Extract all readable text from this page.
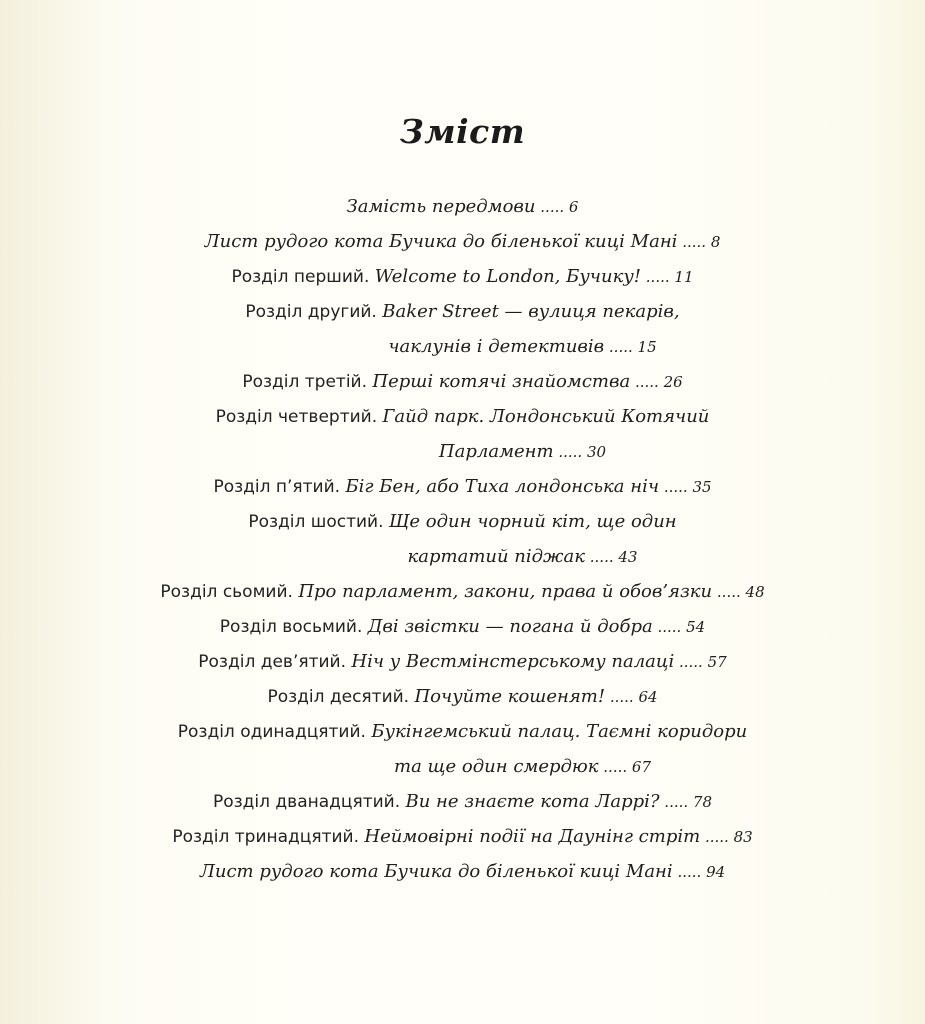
Зміст
Замість передмови ..... 6
Лист рудого кота Бучика до біленької киці Мані ..... 8
Розділ перший. Welcome to London, Бучику! ..... 11
Розділ другий. Baker Street — вулиця пекарів,
чаклунів і детективів ..... 15
Розділ третій. Перші котячі знайомства ..... 26
Розділ четвертий. Гайд парк. Лондонський Котячий
Парламент ..... 30
Розділ п’ятий. Біг Бен, або Тиха лондонська ніч ..... 35
Розділ шостий. Ще один чорний кіт, ще один
картатий піджак ..... 43
Розділ сьомий. Про парламент, закони, права й обов’язки ..... 48
Розділ восьмий. Дві звістки — погана й добра ..... 54
Розділ дев’ятий. Ніч у Вестмінстерському палаці ..... 57
Розділ десятий. Почуйте кошенят! ..... 64
Розділ одинадцятий. Букінгемський палац. Таємні коридори
та ще один смердюк ..... 67
Розділ дванадцятий. Ви не знаєте кота Ларрі? ..... 78
Розділ тринадцятий. Неймовірні події на Даунінг стріт ..... 83
Лист рудого кота Бучика до біленької киці Мані ..... 94
